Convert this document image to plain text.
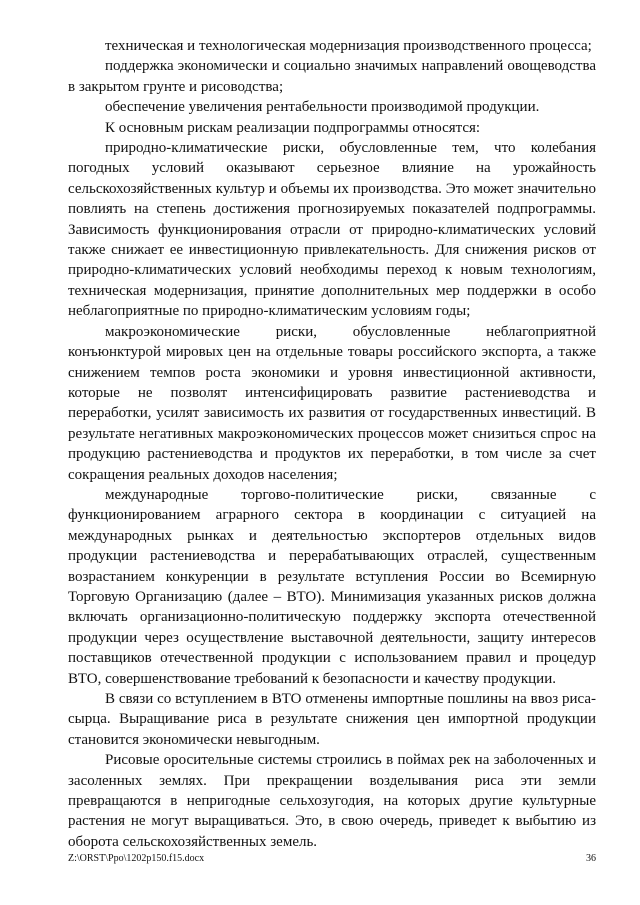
техническая и технологическая модернизация производственного процесса;

поддержка экономически и социально значимых направлений овощеводства в закрытом грунте и рисоводства;

обеспечение увеличения рентабельности производимой продукции.

К основным рискам реализации подпрограммы относятся:

природно-климатические риски, обусловленные тем, что колебания погодных условий оказывают серьезное влияние на урожайность сельскохозяйственных культур и объемы их производства. Это может значительно повлиять на степень достижения прогнозируемых показателей подпрограммы. Зависимость функционирования отрасли от природно-климатических условий также снижает ее инвестиционную привлекательность. Для снижения рисков от природно-климатических условий необходимы переход к новым технологиям, техническая модернизация, принятие дополнительных мер поддержки в особо неблагоприятные по природно-климатическим условиям годы;

макроэкономические риски, обусловленные неблагоприятной конъюнктурой мировых цен на отдельные товары российского экспорта, а также снижением темпов роста экономики и уровня инвестиционной активности, которые не позволят интенсифицировать развитие растениеводства и переработки, усилят зависимость их развития от государственных инвестиций. В результате негативных макроэкономических процессов может снизиться спрос на продукцию растениеводства и продуктов их переработки, в том числе за счет сокращения реальных доходов населения;

международные торгово-политические риски, связанные с функционированием аграрного сектора в координации с ситуацией на международных рынках и деятельностью экспортеров отдельных видов продукции растениеводства и перерабатывающих отраслей, существенным возрастанием конкуренции в результате вступления России во Всемирную Торговую Организацию (далее – ВТО). Минимизация указанных рисков должна включать организационно-политическую поддержку экспорта отечественной продукции через осуществление выставочной деятельности, защиту интересов поставщиков отечественной продукции с использованием правил и процедур ВТО, совершенствование требований к безопасности и качеству продукции.

В связи со вступлением в ВТО отменены импортные пошлины на ввоз риса-сырца. Выращивание риса в результате снижения цен импортной продукции становится экономически невыгодным.

Рисовые оросительные системы строились в поймах рек на заболоченных и засоленных землях. При прекращении возделывания риса эти земли превращаются в непригодные сельхозугодия, на которых другие культурные растения не могут выращиваться. Это, в свою очередь, приведет к выбытию из оборота сельскохозяйственных земель.

Z:\ORST\Ppo\1202p150.f15.docx	36
